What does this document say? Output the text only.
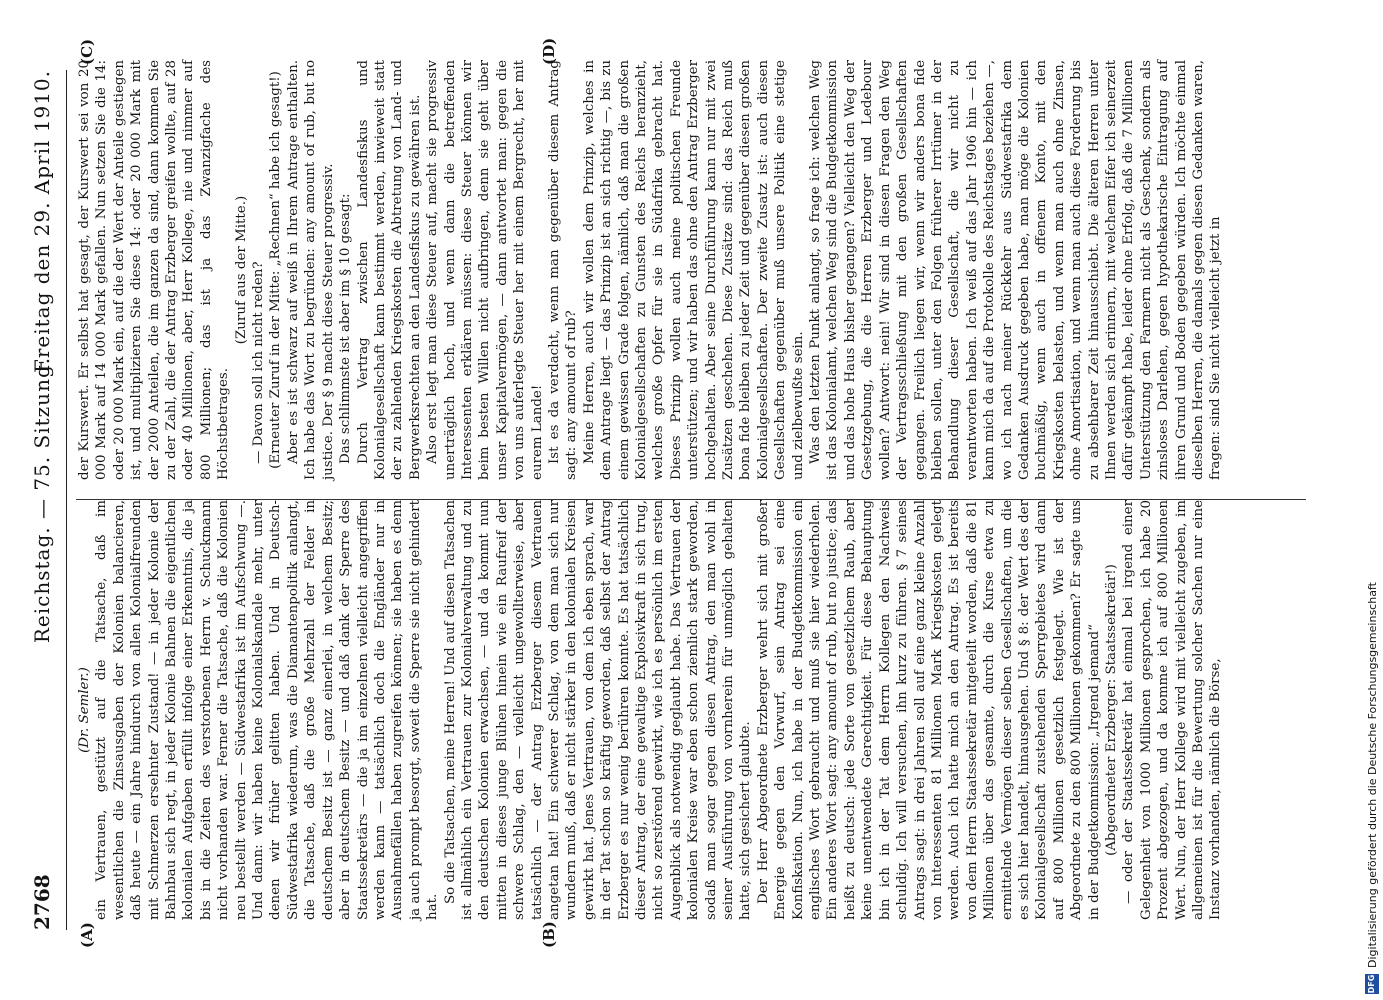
2768
Reichstag. — 75. Sitzung.
Freitag den 29. April 1910.
(A)	(B)
(C)	(D)

(Dr. Semler.) ein Vertrauen, gestützt auf die Tatsache, daß im wesentlichen die Zinsausgaben der Kolonien balancieren, daß heute — ein Jahre hindurch von allen Kolonialfreunden mit Schmerzen ersehnter Zustand! — in jeder Kolonie der Bahnbau sich regt, in jeder Kolonie Bahnen die eigentlichen kolonialen Aufgaben erfüllt infolge einer Erkenntnis, die ja bis in die Zeiten des verstorbenen Herrn v. Schuckmann nicht vorhanden war. Ferner die Tatsache, daß die Kolonien neu bestellt werden — Südwestafrika ist im Aufschwung —. Und dann: wir haben keine Kolonialskandale mehr, unter denen wir früher gelitten haben. Und in Deutsch-Südwestafrika wiederum, was die Diamantenpolitik anlangt, die Tatsache, daß die große Mehrzahl der Felder in deutschem Besitz ist — ganz einerlei, in welchem Besitz; aber in deutschem Besitz — und daß dank der Sperre des Staatssekretärs — die ja im einzelnen vielleicht angegriffen werden kann — tatsächlich doch die Engländer nur in Ausnahmefällen haben zugreifen können; sie haben es denn ja auch prompt besorgt, soweit die Sperre sie nicht gehindert hat.

So die Tatsachen, meine Herren! Und auf diesen Tatsachen ist allmählich ein Vertrauen zur Kolonialverwaltung und zu den deutschen Kolonien erwachsen, — und da kommt nun mitten in dieses junge Blühen hinein wie ein Raufreif der schwere Schlag, den — vielleicht ungewollterweise, aber tatsächlich — der Antrag Erzberger diesem Vertrauen angetan hat! Ein schwerer Schlag, von dem man sich nur wundern muß, daß er nicht stärker in den kolonialen Kreisen gewirkt hat. Jenes Vertrauen, von dem ich eben sprach, war in der Tat schon so kräftig geworden, daß selbst der Antrag Erzberger es nur wenig berühren konnte. Es hat tatsächlich dieser Antrag, der eine gewaltige Explosivkraft in sich trug, nicht so zerstörend gewirkt, wie ich es persönlich im ersten Augenblick als notwendig geglaubt habe. Das Vertrauen der kolonialen Kreise war eben schon ziemlich stark geworden, sodaß man sogar gegen diesen Antrag, den man wohl in seiner Ausführung von vornherein für unmöglich gehalten hatte, sich gesichert glaubte. Der Herr Abgeordnete Erzberger wehrt sich mit großer Energie gegen den Vorwurf, sein Antrag sei eine Konfiskation. Nun, ich habe in der Budgetkommission ein englisches Wort gebraucht und muß sie hier wiederholen. Ein anderes Wort sagt: any amount of rub, but no justice; das heißt zu deutsch: jede Sorte von gesetzlichem Raub, aber keine unentwendete Gerechtigkeit. Für diese Behauptung bin ich in der Tat dem Herrn Kollegen den Nachweis schuldig. Ich will versuchen, ihn kurz zu führen. § 7 seines Antrags sagt: in drei Jahren soll auf eine ganz kleine Anzahl von Interessenten 81 Millionen Mark Kriegskosten gelegt werden. Auch ich hatte mich an den Antrag. Es ist bereits von dem Herrn Staatssekretär mitgeteilt worden, daß die 81 Millionen über das gesamte, durch die Kurse etwa zu ermittelnde Vermögen dieser selben Gesellschaften, um die es sich hier handelt, hinausgehen. Und § 8: der Wert des der Kolonialgesellschaft zustehenden Sperrgebietes wird dann auf 800 Millionen gesetzlich festgelegt. Wie ist der Abgeordnete zu den 800 Millionen gekommen? Er sagte uns in der Budgetkommission: „Irgend jemand“ (Abgeordneter Erzberger: Staatssekretär!) — oder der Staatssekretär hat einmal bei irgend einer Gelegenheit von 1000 Millionen gesprochen, ich habe 20 Prozent abgezogen, und da komme ich auf 800 Millionen Wert. Nun, der Herr Kollege wird mit vielleicht zugeben, im allgemeinen ist für die Bewertung solcher Sachen nur eine Instanz vorhanden, nämlich die Börse,

der Kurswert. Er selbst hat gesagt, der Kurswert sei von 20 000 Mark auf 14 000 Mark gefallen. Nun setzen Sie die 14: oder 20 000 Mark ein, auf die der Wert der Anteile gestiegen ist, und multiplizieren Sie diese 14: oder 20 000 Mark mit der 2000 Anteilen, die im ganzen da sind, dann kommen Sie zu der Zahl, die der Antrag Erzberger greifen wollte, auf 28 oder 40 Millionen, aber, Herr Kollege, nie und nimmer auf 800 Millionen; das ist ja das Zwanzigfache des Höchstbetrages.

(Zuruf aus der Mitte.) — Davon soll ich nicht reden? (Erneuter Zuruf in der Mitte: „Rechnen“ habe ich gesagt!) Aber es ist schwarz auf weiß in Ihrem Antrage enthalten. Ich habe das Wort zu begründen: any amount of rub, but no justice. Der § 9 macht diese Steuer progressiv. Das schlimmste ist aber im § 10 gesagt: Durch Vertrag zwischen Landesfiskus und Kolonialgesellschaft kann bestimmt werden, inwieweit statt der zu zahlenden Kriegskosten die Abtretung von Land- und Bergwerksrechten an den Landesfiskus zu gewähren ist. Also erst legt man diese Steuer auf, macht sie progressiv unerträglich hoch, und wenn dann die betreffenden Interessenten erklären müssen: diese Steuer können wir beim besten Willen nicht aufbringen, denn sie geht über unser Kapitalvermögen, — dann antwortet man: gegen die von uns auferlegte Steuer her mit einem Bergrecht, her mit eurem Lande! Ist es da verdacht, wenn man gegenüber diesem Antrag sagt: any amount of rub? Meine Herren, auch wir wollen dem Prinzip, welches in dem Antrage liegt — das Prinzip ist an sich richtig —, bis zu einem gewissen Grade folgen, nämlich, daß man die großen Kolonialgesellschaften zu Gunsten des Reichs heranzieht, welches große Opfer für sie in Südafrika gebracht hat. Dieses Prinzip wollen auch meine politischen Freunde unterstützen; und wir haben das ohne den Antrag Erzberger hochgehalten. Aber seine Durchführung kann nur mit zwei Zusätzen geschehen. Diese Zusätze sind: das Reich muß bona fide bleiben zu jeder Zeit und gegenüber diesen großen Kolonialgesellschaften. Der zweite Zusatz ist: auch diesen Gesellschaften gegenüber muß unsere Politik eine stetige und zielbewußte sein. Was den letzten Punkt anlangt, so frage ich: welchen Weg ist das Kolonialamt, welchen Weg sind die Budgetkommission und das hohe Haus bisher gegangen? Vielleicht den Weg der Gesetzgebung, die die Herren Erzberger und Ledebour wollen? Antwort: nein! Wir sind in diesen Fragen den Weg der Vertragsschließung mit den großen Gesellschaften gegangen. Freilich liegen wir, wenn wir anders bona fide bleiben sollen, unter den Folgen früherer Irrtümer in der Behandlung dieser Gesellschaft, die wir nicht zu verantworten haben. Ich weiß auf das Jahr 1906 hin — ich kann mich da auf die Protokolle des Reichstages beziehen —, wo ich nach meiner Rückkehr aus Südwestafrika dem Gedanken Ausdruck gegeben habe, man möge die Kolonien buchmäßig, wenn auch in offenem Konto, mit den Kriegskosten belasten, und wenn man auch ohne Zinsen, ohne Amortisation, und wenn man auch diese Forderung bis zu absehbarer Zeit hinausschiebt. Die älteren Herren unter Ihnen werden sich erinnern, mit welchem Eifer ich seinerzeit dafür gekämpft habe, leider ohne Erfolg, daß die 7 Millionen Unterstützung den Farmern nicht als Geschenk, sondern als zinsloses Darlehen, gegen hypothekarische Eintragung auf ihren Grund und Boden gegeben würden. Ich möchte einmal dieselben Herren, die damals gegen diesen Gedanken waren, fragen: sind Sie nicht vielleicht jetzt in

DFG
Digitalisierung gefördert durch die Deutsche Forschungsgemeinschaft
